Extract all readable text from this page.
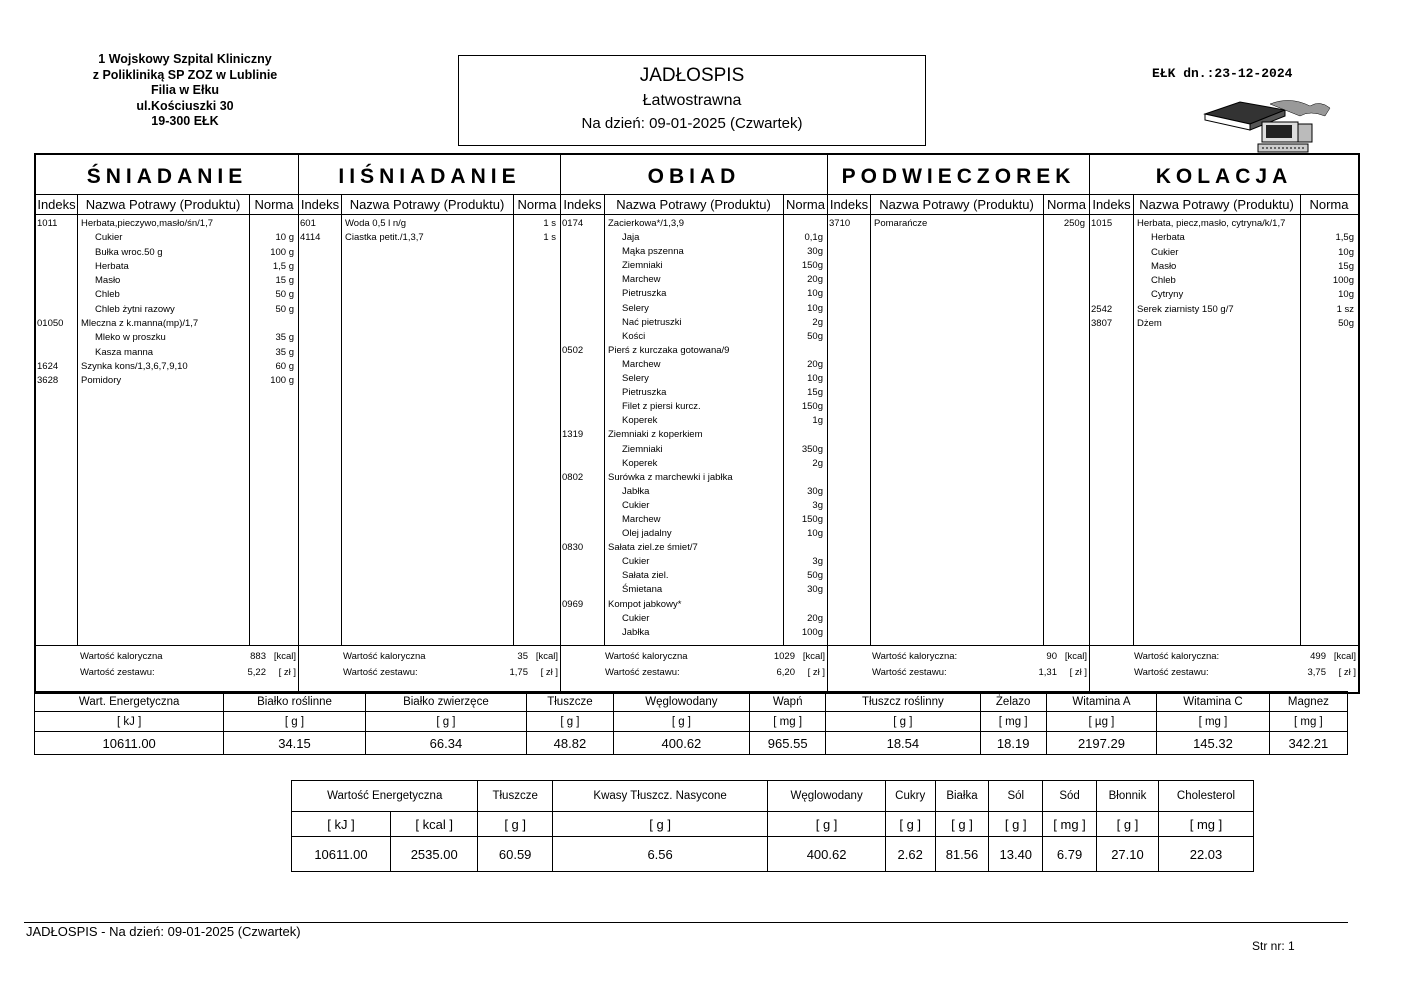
1 Wojskowy Szpital Kliniczny
z Polikliniką SP ZOZ w Lublinie
Filia w Ełku
ul.Kościuszki 30
19-300 EŁK
JADŁOSPIS
Łatwostrawna
Na dzień: 09-01-2025 (Czwartek)
EŁK dn.:23-12-2024
ŚNIADANIE
Indeks Nazwa Potrawy (Produktu)	Norma
1011 Herbata,pieczywo,masło/śn/1,7
Cukier	10 g
Bułka wroc.50 g	100 g
Herbata	1,5 g
Masło	15 g
Chleb	50 g
Chleb żytni razowy	50 g
01050 Mleczna z k.manna(mp)/1,7
Mleko w proszku	35 g
Kasza manna	35 g
1624 Szynka kons/1,3,6,7,9,10	60 g
3628 Pomidory	100 g
Wartość kaloryczna	883 [kcal]
Wartość zestawu:	5,22 [ zł ]
IIŚNIADANIE
Indeks Nazwa Potrawy (Produktu)	Norma
601	Woda 0,5 l n/g	1 s
4114	Ciastka petit./1,3,7	1 s
Wartość kaloryczna	35 [kcal]
Wartość zestawu:	1,75 [ zł ]
OBIAD
Indeks	Nazwa Potrawy (Produktu)	Norma
0174	Zacierkowa*/1,3,9
Jaja	0,1g
Mąka pszenna	30g
Ziemniaki	150g
Marchew	20g
Pietruszka	10g
Selery	10g
Nać pietruszki	2g
Kości	50g
0502	Pierś z kurczaka gotowana/9
Marchew	20g
Selery	10g
Pietruszka	15g
Filet z piersi kurcz.	150g
Koperek	1g
1319	Ziemniaki z koperkiem
Ziemniaki	350g
Koperek	2g
0802	Surówka z marchewki i jabłka
Jabłka	30g
Cukier	3g
Marchew	150g
Olej jadalny	10g
0830	Sałata ziel.ze śmiet/7
Cukier	3g
Sałata ziel.	50g
Śmietana	30g
0969	Kompot jabkowy*
Cukier	20g
Jabłka	100g
Wartość kaloryczna	1029 [kcal]
Wartość zestawu:	6,20 [ zł ]
PODWIECZOREK
Indeks Nazwa Potrawy (Produktu)	Norma
3710	Pomarańcze	250g
Wartość kaloryczna:	90 [kcal]
Wartość zestawu:	1,31 [ zł ]
KOLACJA
Indeks Nazwa Potrawy (Produktu)	Norma
1015	Herbata, piecz,masło, cytryna/k/1,7
Herbata	1,5g
Cukier	10g
Masło	15g
Chleb	100g
Cytryny	10g
2542	Serek ziarnisty 150 g/7	1 sz
3807	Dżem	50g
Wartość kaloryczna:	499 [kcal]
Wartość zestawu:	3,75 [ zł ]
Wart. Energetyczna	Białko roślinne	Białko zwierzęce	Tłuszcze	Węglowodany	Wapń	Tłuszcz roślinny	Żelazo	Witamina A	Witamina C	Magnez
[ kJ ]	[ g ]	[ g ]	[ g ]	[ g ]	[ mg ]	[ g ]	[ mg ]	[ µg ]	[ mg ]	[ mg ]
10611.00	34.15	66.34	48.82	400.62	965.55	18.54	18.19	2197.29	145.32	342.21
Wartość Energetyczna		Tłuszcze	Kwasy Tłuszcz. Nasycone	Węglowodany	Cukry	Białka	Sól	Sód	Błonnik	Cholesterol
[ kJ ]	[ kcal ]	[ g ]	[ g ]	[ g ]	[ g ]	[ g ]	[ g ]	[ mg ]	[ g ]	[ mg ]
10611.00	2535.00	60.59	6.56	400.62	2.62	81.56	13.40	6.79	27.10	22.03
JADŁOSPIS - Na dzień: 09-01-2025 (Czwartek)
Str nr: 1
